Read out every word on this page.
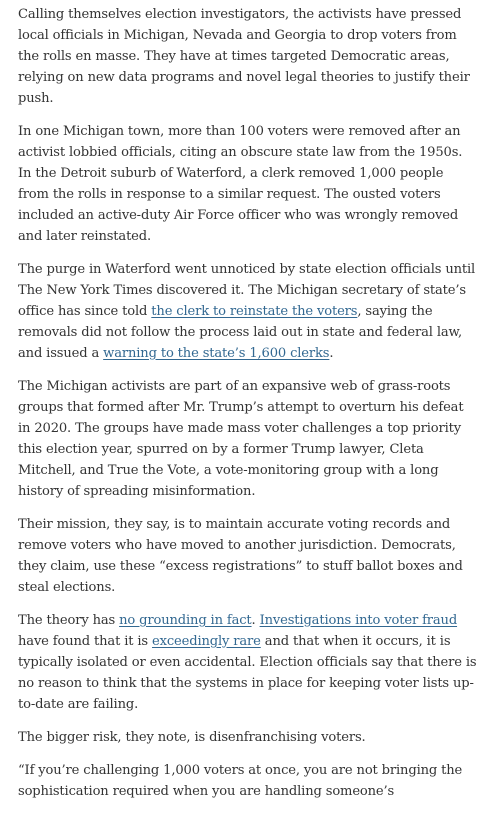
Calling themselves election investigators, the activists have pressed local officials in Michigan, Nevada and Georgia to drop voters from the rolls en masse. They have at times targeted Democratic areas, relying on new data programs and novel legal theories to justify their push.

In one Michigan town, more than 100 voters were removed after an activist lobbied officials, citing an obscure state law from the 1950s. In the Detroit suburb of Waterford, a clerk removed 1,000 people from the rolls in response to a similar request. The ousted voters included an active-duty Air Force officer who was wrongly removed and later reinstated.

The purge in Waterford went unnoticed by state election officials until The New York Times discovered it. The Michigan secretary of state’s office has since told the clerk to reinstate the voters, saying the removals did not follow the process laid out in state and federal law, and issued a warning to the state’s 1,600 clerks.

The Michigan activists are part of an expansive web of grass-roots groups that formed after Mr. Trump’s attempt to overturn his defeat in 2020. The groups have made mass voter challenges a top priority this election year, spurred on by a former Trump lawyer, Cleta Mitchell, and True the Vote, a vote-monitoring group with a long history of spreading misinformation.

Their mission, they say, is to maintain accurate voting records and remove voters who have moved to another jurisdiction. Democrats, they claim, use these “excess registrations” to stuff ballot boxes and steal elections.

The theory has no grounding in fact. Investigations into voter fraud have found that it is exceedingly rare and that when it occurs, it is typically isolated or even accidental. Election officials say that there is no reason to think that the systems in place for keeping voter lists up-to-date are failing.

The bigger risk, they note, is disenfranchising voters.

“If you’re challenging 1,000 voters at once, you are not bringing the sophistication required when you are handling someone’s
